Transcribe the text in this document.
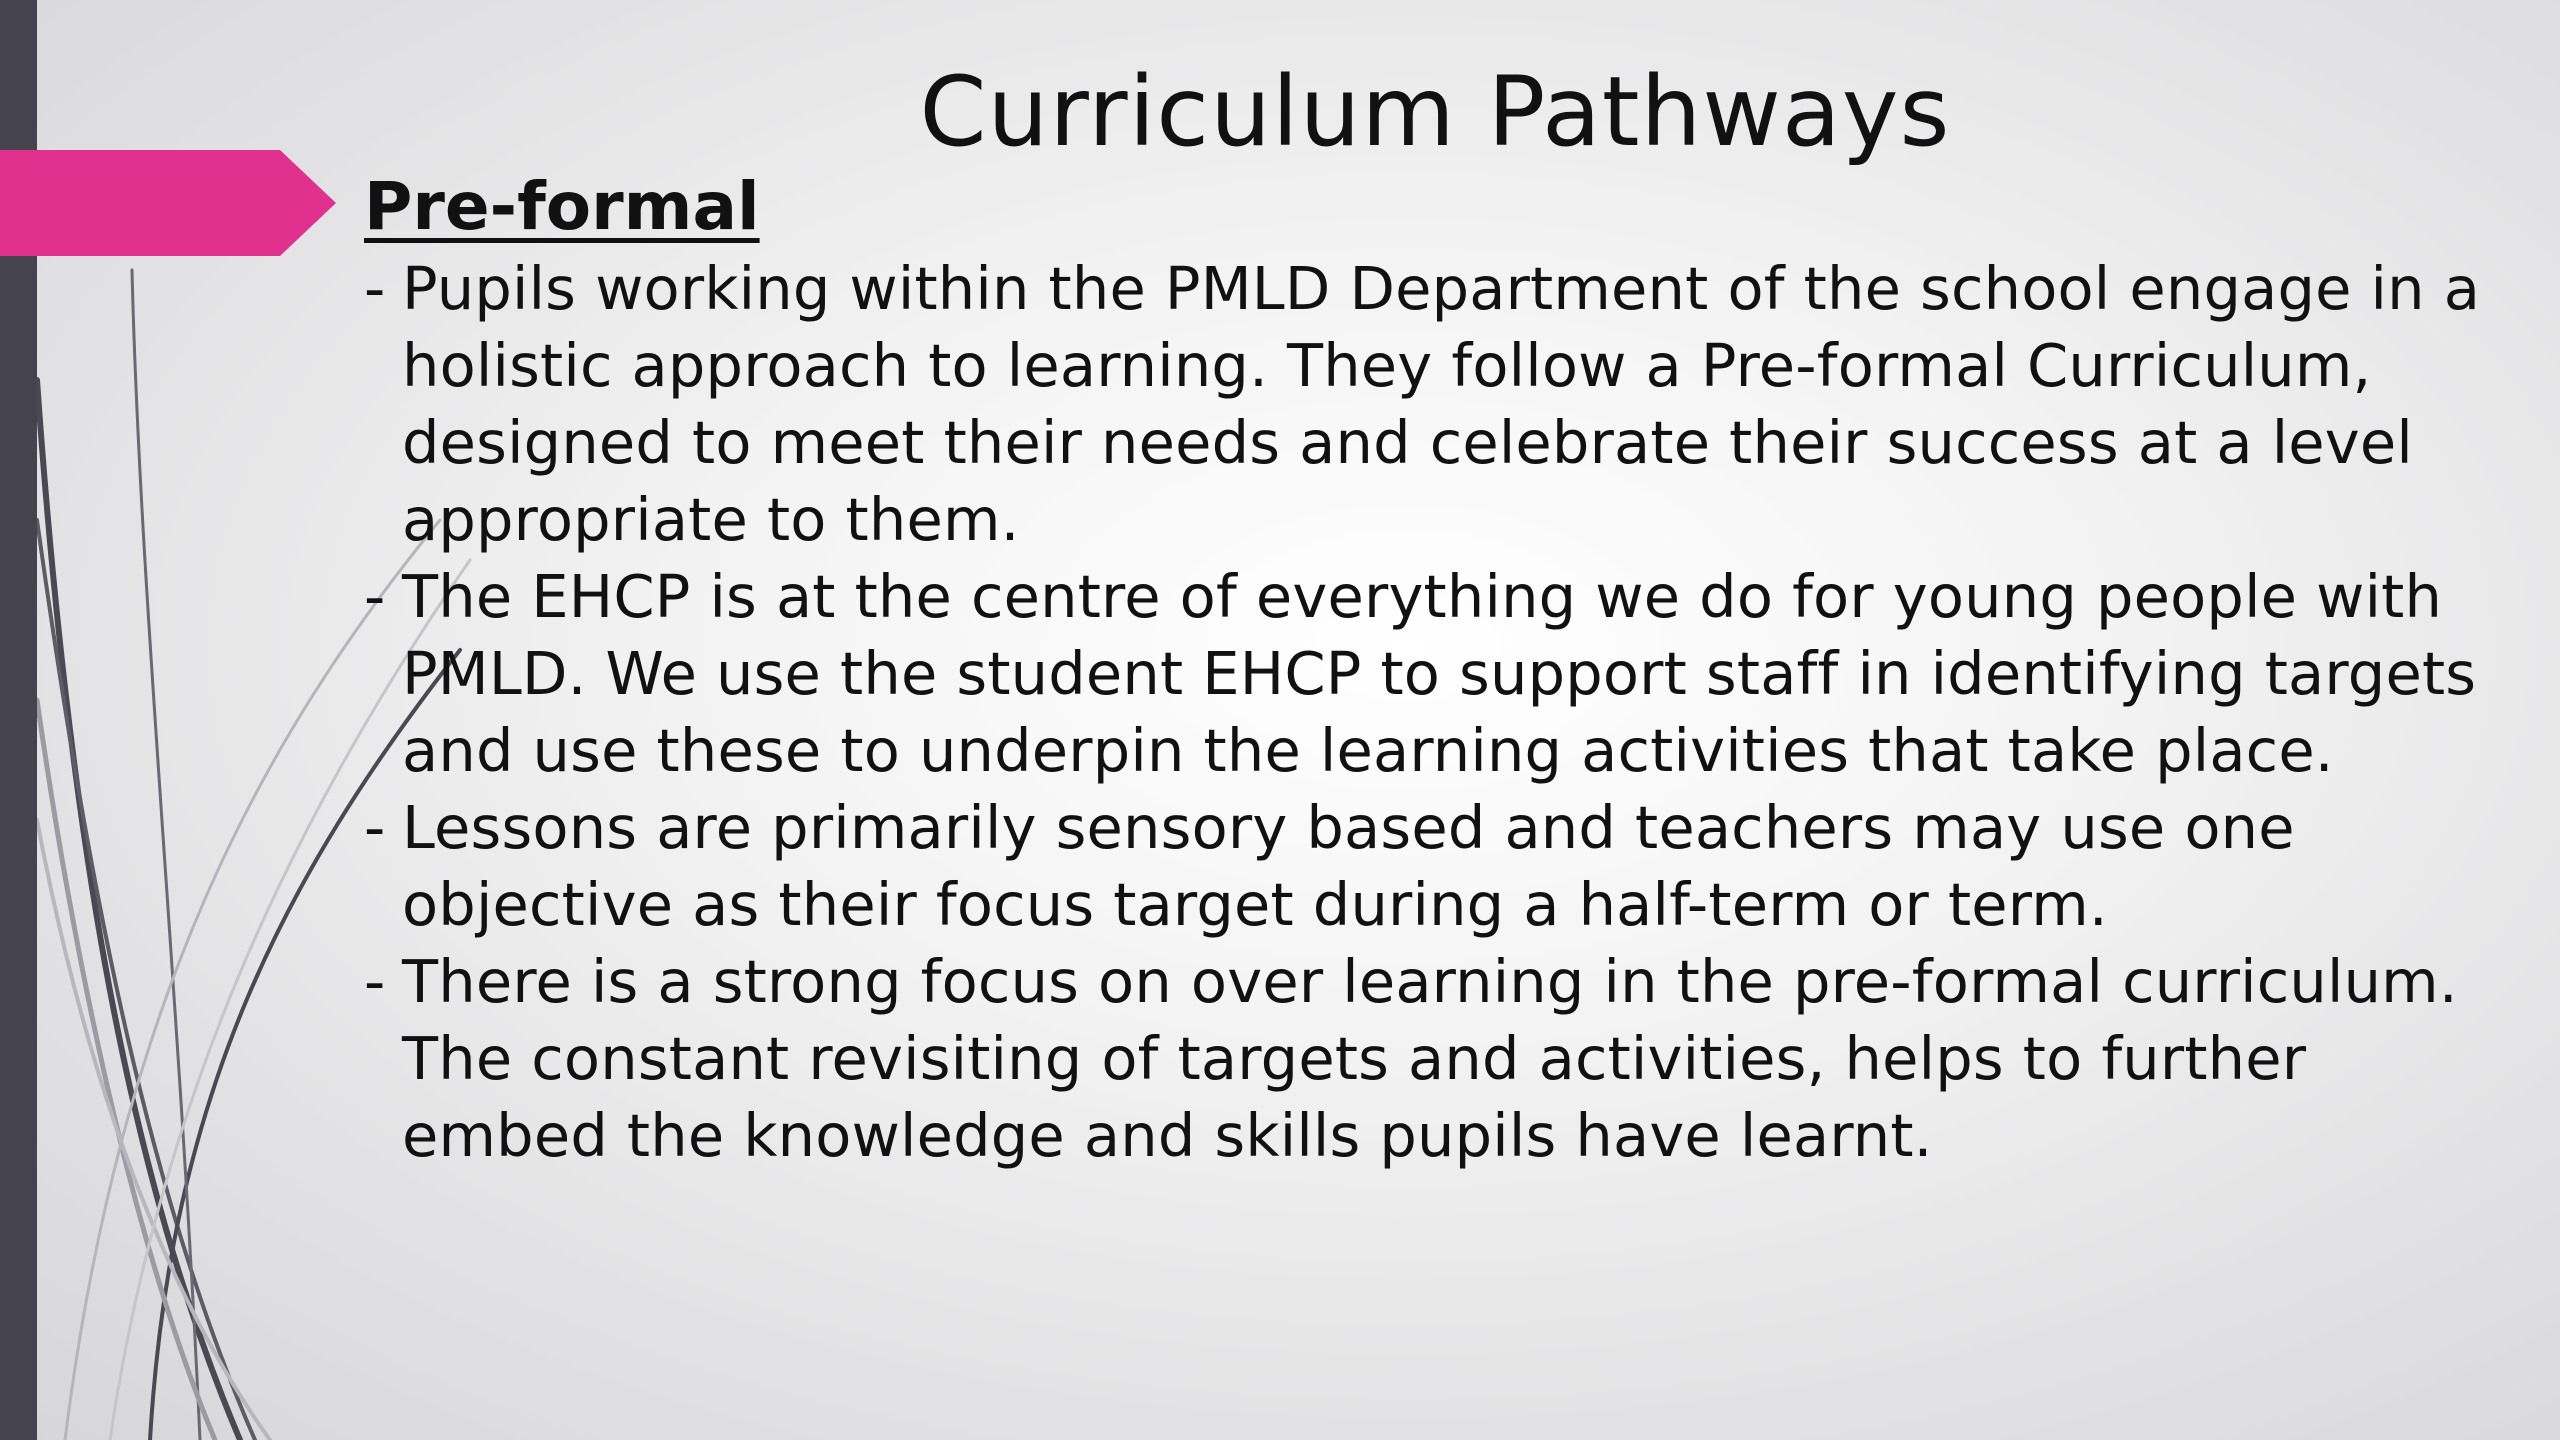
Curriculum Pathways
Pre-formal
- Pupils working within the PMLD Department of the school engage in a holistic approach to learning. They follow a Pre-formal Curriculum, designed to meet their needs and celebrate their success at a level appropriate to them.
- The EHCP is at the centre of everything we do for young people with PMLD. We use the student EHCP to support staff in identifying targets and use these to underpin the learning activities that take place.
- Lessons are primarily sensory based and teachers may use one objective as their focus target during a half-term or term.
- There is a strong focus on over learning in the pre-formal curriculum. The constant revisiting of targets and activities, helps to further embed the knowledge and skills pupils have learnt.
